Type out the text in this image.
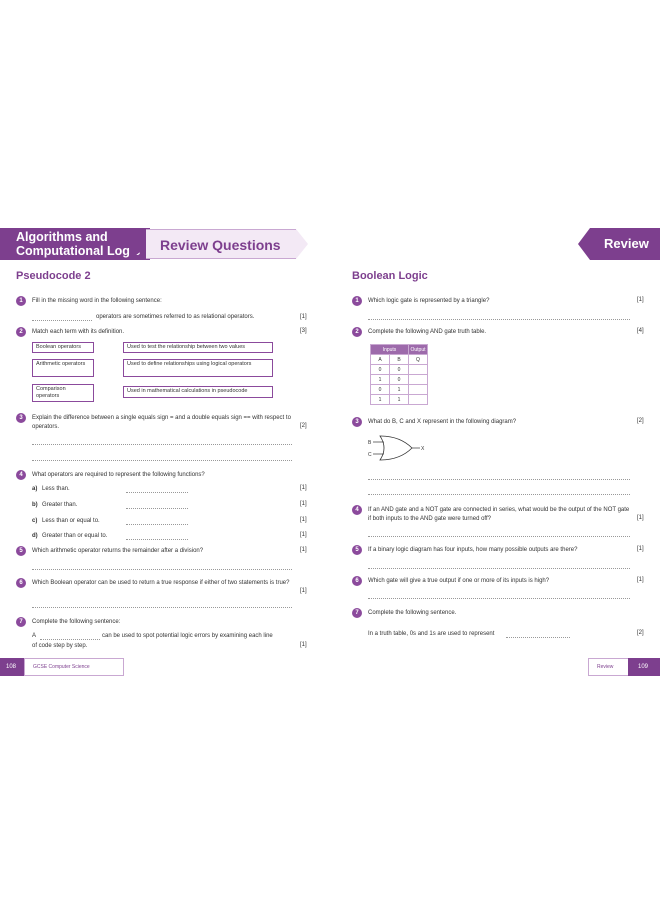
Algorithms and
Computational Logic	Review Questions	Review
Pseudocode 2
1	Fill in the missing word in the following sentence:
operators are sometimes referred to as relational operators.	[1]
2	Match each term with its definition.	[3]
Boolean operators
Arithmetic operators
Comparison operators
Used to test the relationship between two values
Used to define relationships using logical operators
Used in mathematical calculations in pseudocode
3	Explain the difference between a single equals sign = and a double equals sign == with respect to operators.	[2]
4	What operators are required to represent the following functions?
a) Less than.	[1]
b) Greater than.	[1]
c) Less than or equal to.	[1]
d) Greater than or equal to.	[1]
5	Which arithmetic operator returns the remainder after a division?	[1]
6	Which Boolean operator can be used to return a true response if either of two statements is true?
[1]
7	Complete the following sentence:
A	can be used to spot potential logic errors by examining each line
of code step by step.	[1]
Boolean Logic
1	Which logic gate is represented by a triangle?	[1]
2	Complete the following AND gate truth table.	[4]
Inputs		Output
A	B	Q
0	0	
1	0	
0	1	
1	1	
3	What do B, C and X represent in the following diagram?	[2]
B
C
X
4	If an AND gate and a NOT gate are connected in series, what would be the output of the NOT gate if both inputs to the AND gate were turned off?	[1]
5	If a binary logic diagram has four inputs, how many possible outputs are there?	[1]
6	Which gate will give a true output if one or more of its inputs is high?	[1]
7	Complete the following sentence.
In a truth table, 0s and 1s are used to represent	[2]
108	GCSE Computer Science	Review	109
